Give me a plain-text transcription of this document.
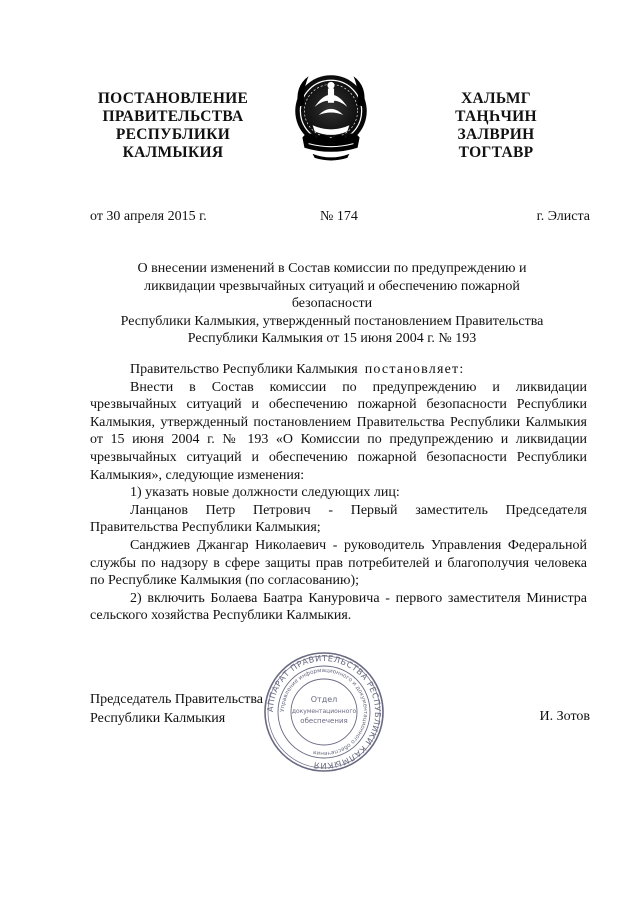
ПОСТАНОВЛЕНИЕ
ПРАВИТЕЛЬСТВА
РЕСПУБЛИКИ
КАЛМЫКИЯ
ХАЛЬМГ
ТАҢҺЧИН
ЗАЛВРИН
ТОГТАВР
от 30 апреля 2015 г.	№ 174	г. Элиста
О внесении изменений в Состав комиссии по предупреждению и
ликвидации чрезвычайных ситуаций и обеспечению пожарной безопасности
Республики Калмыкия, утвержденный постановлением Правительства
Республики Калмыкия от 15 июня 2004 г. № 193

Правительство Республики Калмыкия постановляет:

Внести в Состав комиссии по предупреждению и ликвидации чрезвычайных ситуаций и обеспечению пожарной безопасности Республики Калмыкия, утвержденный постановлением Правительства Республики Калмыкия от 15 июня 2004 г. № 193 «О Комиссии по предупреждению и ликвидации чрезвычайных ситуаций и обеспечению пожарной безопасности Республики Калмыкия», следующие изменения:

1) указать новые должности следующих лиц:

Ланцанов Петр Петрович - Первый заместитель Председателя Правительства Республики Калмыкия;

Санджиев Джангар Николаевич - руководитель Управления Федеральной службы по надзору в сфере защиты прав потребителей и благополучия человека по Республике Калмыкия (по согласованию);

2) включить Болаева Баатра Кануровича - первого заместителя Министра сельского хозяйства Республики Калмыкия.

Председатель Правительства
Республики Калмыкия	И. Зотов
АППАРАТ ПРАВИТЕЛЬСТВА РЕСПУБЛИКИ КАЛМЫКИЯ
Управление информационного и документационного обеспечения
Отдел
документационного
обеспечения
